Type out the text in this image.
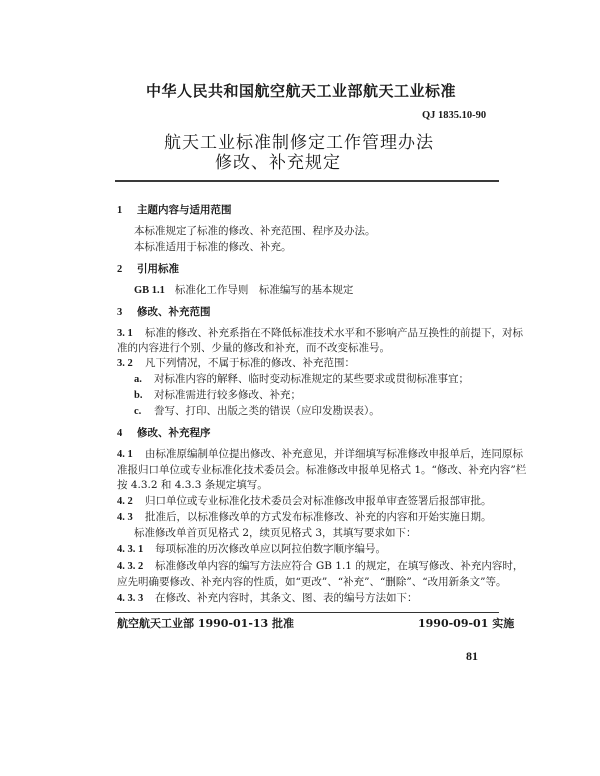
中华人民共和国航空航天工业部航天工业标准
QJ 1835.10-90
航天工业标准制修定工作管理办法
修改、补充规定
1 主题内容与适用范围
本标准规定了标准的修改、补充范围、程序及办法。
本标准适用于标准的修改、补充。
2 引用标准
GB 1.1 标准化工作导则　标准编写的基本规定
3 修改、补充范围
3. 1 标准的修改、补充系指在不降低标准技术水平和不影响产品互换性的前提下，对标
准的内容进行个别、少量的修改和补充，而不改变标准号。
3. 2 凡下列情况，不属于标准的修改、补充范围：
a. 对标准内容的解释、临时变动标准规定的某些要求或贯彻标准事宜；
b. 对标准需进行较多修改、补充；
c. 誊写、打印、出版之类的错误（应印发勘误表）。
4 修改、补充程序
4. 1 由标准原编制单位提出修改、补充意见，并详细填写标准修改申报单后，连同原标
准报归口单位或专业标准化技术委员会。标准修改申报单见格式 1。“修改、补充内容”栏
按 4.3.2 和 4.3.3 条规定填写。
4. 2 归口单位或专业标准化技术委员会对标准修改申报单审查签署后报部审批。
4. 3 批准后，以标准修改单的方式发布标准修改、补充的内容和开始实施日期。
标准修改单首页见格式 2，续页见格式 3，其填写要求如下：
4. 3. 1 每项标准的历次修改单应以阿拉伯数字顺序编号。
4. 3. 2 标准修改单内容的编写方法应符合 GB 1.1 的规定，在填写修改、补充内容时，
应先明确要修改、补充内容的性质，如“更改”、“补充”、“删除”、“改用新条文”等。
4. 3. 3 在修改、补充内容时，其条文、图、表的编号方法如下：
航空航天工业部 1990-01-13 批准	1990-09-01 实施
81
